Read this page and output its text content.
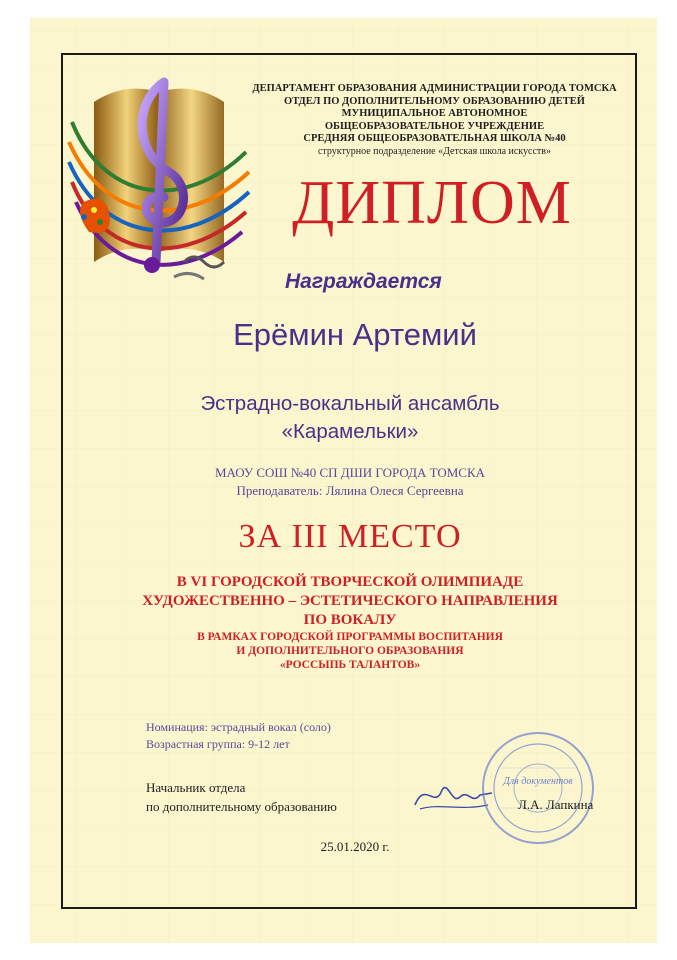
ДЕПАРТАМЕНТ ОБРАЗОВАНИЯ АДМИНИСТРАЦИИ ГОРОДА ТОМСКА
ОТДЕЛ ПО ДОПОЛНИТЕЛЬНОМУ ОБРАЗОВАНИЮ ДЕТЕЙ
МУНИЦИПАЛЬНОЕ АВТОНОМНОЕ
ОБЩЕОБРАЗОВАТЕЛЬНОЕ УЧРЕЖДЕНИЕ
СРЕДНЯЯ ОБЩЕОБРАЗОВАТЕЛЬНАЯ ШКОЛА №40
структурное подразделение «Детская школа искусств»
ДИПЛОМ
Награждается
Ерёмин Артемий
Эстрадно-вокальный ансамбль
«Карамельки»
МАОУ СОШ №40 СП ДШИ ГОРОДА ТОМСКА
Преподаватель: Лялина Олеся Сергеевна
ЗА III МЕСТО
В VI ГОРОДСКОЙ ТВОРЧЕСКОЙ ОЛИМПИАДЕ
ХУДОЖЕСТВЕННО – ЭСТЕТИЧЕСКОГО НАПРАВЛЕНИЯ
ПО ВОКАЛУ
В РАМКАХ ГОРОДСКОЙ ПРОГРАММЫ ВОСПИТАНИЯ
И ДОПОЛНИТЕЛЬНОГО ОБРАЗОВАНИЯ
«РОССЫПЬ ТАЛАНТОВ»
Номинация: эстрадный вокал (соло)
Возрастная группа: 9-12 лет
Начальник отдела
по дополнительному образованию
Для документов
Л.А. Лапкина
25.01.2020 г.
